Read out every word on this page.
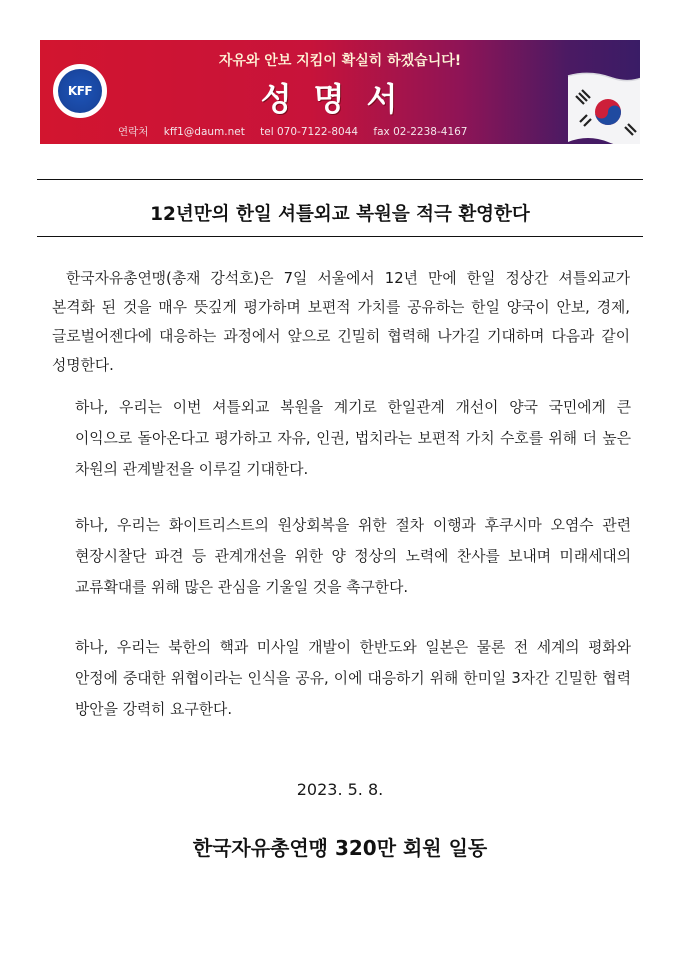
KFF
자유와 안보 지킴이 확실히 하겠습니다!
성명서
연락처 kff1@daum.net tel 070-7122-8044 fax 02-2238-4167
12년만의 한일 셔틀외교 복원을 적극 환영한다

한국자유총연맹(총재 강석호)은 7일 서울에서 12년 만에 한일 정상간 셔틀외교가 본격화 된 것을 매우 뜻깊게 평가하며 보편적 가치를 공유하는 한일 양국이 안보, 경제, 글로벌어젠다에 대응하는 과정에서 앞으로 긴밀히 협력해 나가길 기대하며 다음과 같이 성명한다.

하나, 우리는 이번 셔틀외교 복원을 계기로 한일관계 개선이 양국 국민에게 큰 이익으로 돌아온다고 평가하고 자유, 인권, 법치라는 보편적 가치 수호를 위해 더 높은 차원의 관계발전을 이루길 기대한다.

하나, 우리는 화이트리스트의 원상회복을 위한 절차 이행과 후쿠시마 오염수 관련 현장시찰단 파견 등 관계개선을 위한 양 정상의 노력에 찬사를 보내며 미래세대의 교류확대를 위해 많은 관심을 기울일 것을 촉구한다.

하나, 우리는 북한의 핵과 미사일 개발이 한반도와 일본은 물론 전 세계의 평화와 안정에 중대한 위협이라는 인식을 공유, 이에 대응하기 위해 한미일 3자간 긴밀한 협력 방안을 강력히 요구한다.

2023. 5. 8.
한국자유총연맹 320만 회원 일동
